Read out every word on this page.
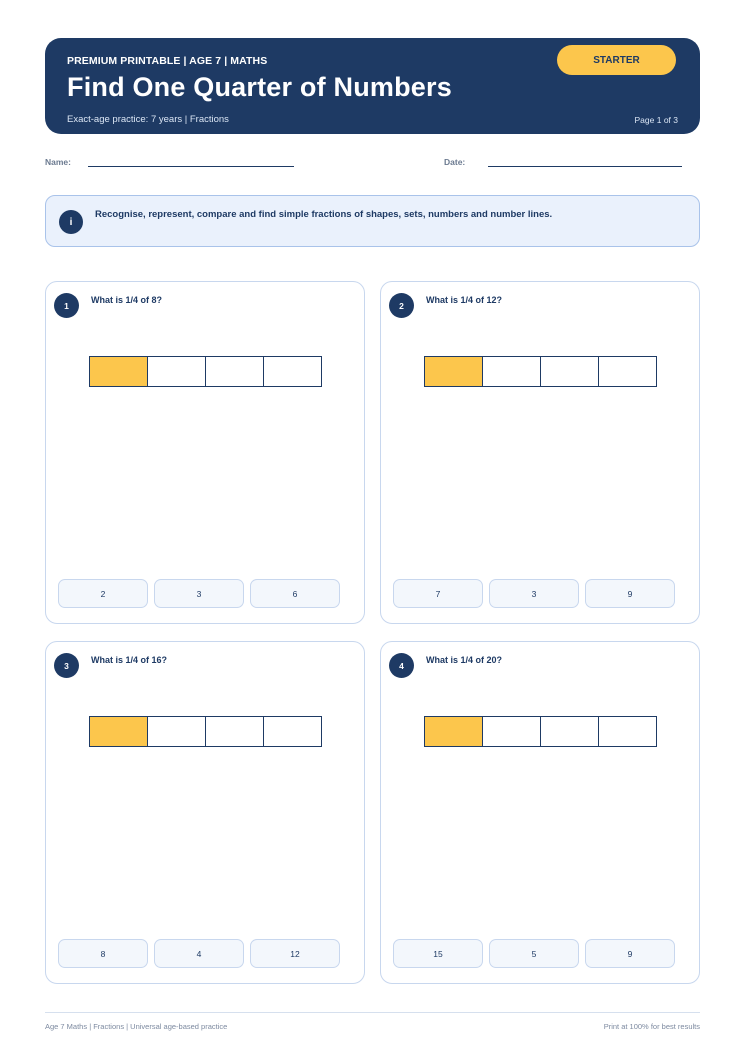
PREMIUM PRINTABLE | AGE 7 | MATHS
Find One Quarter of Numbers
Exact-age practice: 7 years | Fractions	Page 1 of 3
STARTER
Name:	Date:
i
Recognise, represent, compare and find simple fractions of shapes, sets, numbers and number lines.
1
What is 1/4 of 8?
2	3	6
2
What is 1/4 of 12?
7	3	9
3
What is 1/4 of 16?
8	4	12
4
What is 1/4 of 20?
15	5	9
Age 7 Maths | Fractions | Universal age-based practice	Print at 100% for best results
